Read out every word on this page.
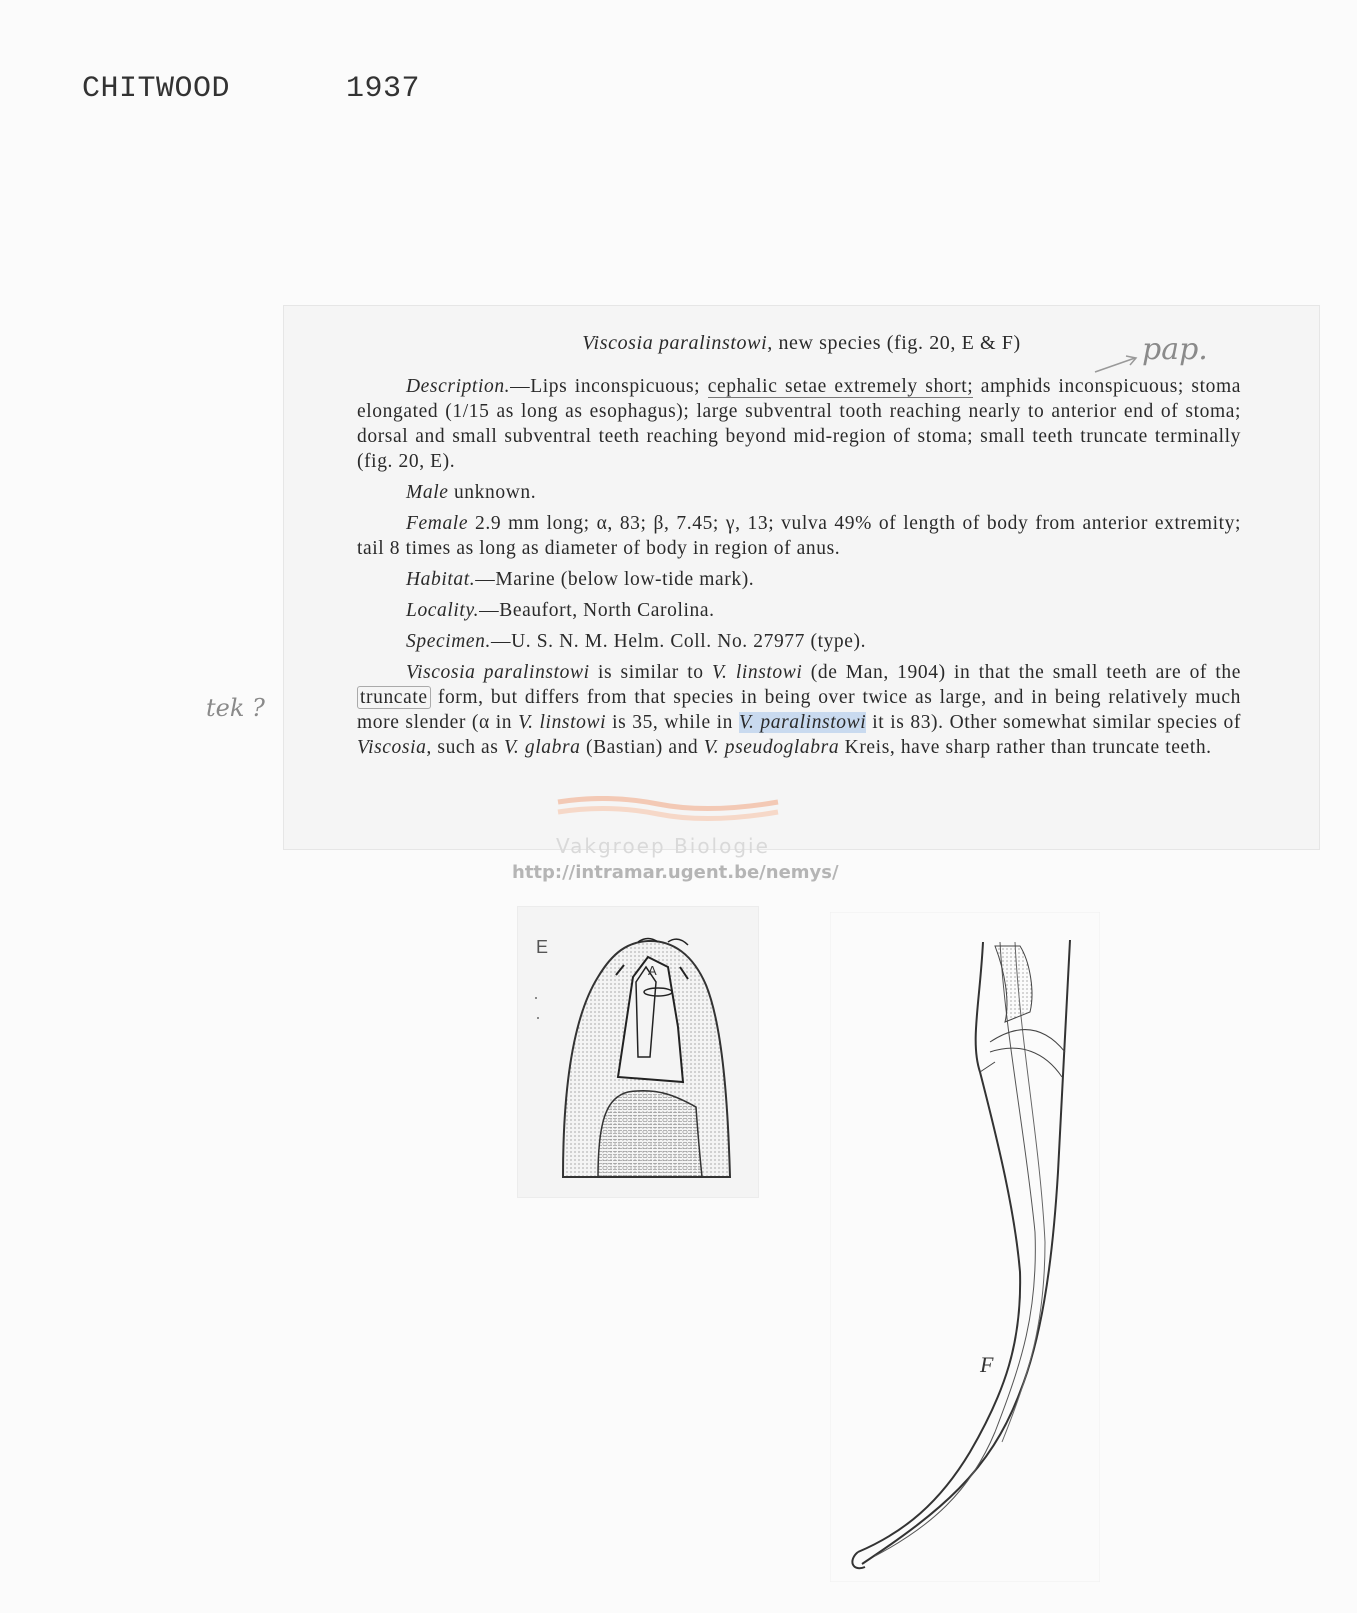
CHITWOOD	1937
Viscosia paralinstowi, new species (fig. 20, E & F)

Description.—Lips inconspicuous; cephalic setae extremely short; amphids inconspicuous; stoma elongated (1/15 as long as esophagus); large subventral tooth reaching nearly to anterior end of stoma; dorsal and small subventral teeth reaching beyond mid-region of stoma; small teeth truncate terminally (fig. 20, E).

Male unknown.

Female 2.9 mm long; α, 83; β, 7.45; γ, 13; vulva 49% of length of body from anterior extremity; tail 8 times as long as diameter of body in region of anus.

Habitat.—Marine (below low-tide mark).

Locality.—Beaufort, North Carolina.

Specimen.—U. S. N. M. Helm. Coll. No. 27977 (type).

Viscosia paralinstowi is similar to V. linstowi (de Man, 1904) in that the small teeth are of the truncate form, but differs from that species in being over twice as large, and in being relatively much more slender (α in V. linstowi is 35, while in V. paralinstowi it is 83). Other somewhat similar species of Viscosia, such as V. glabra (Bastian) and V. pseudoglabra Kreis, have sharp rather than truncate teeth.

pap.
tek ?
Vakgroep Biologie
http://intramar.ugent.be/nemys/
E
A
F
